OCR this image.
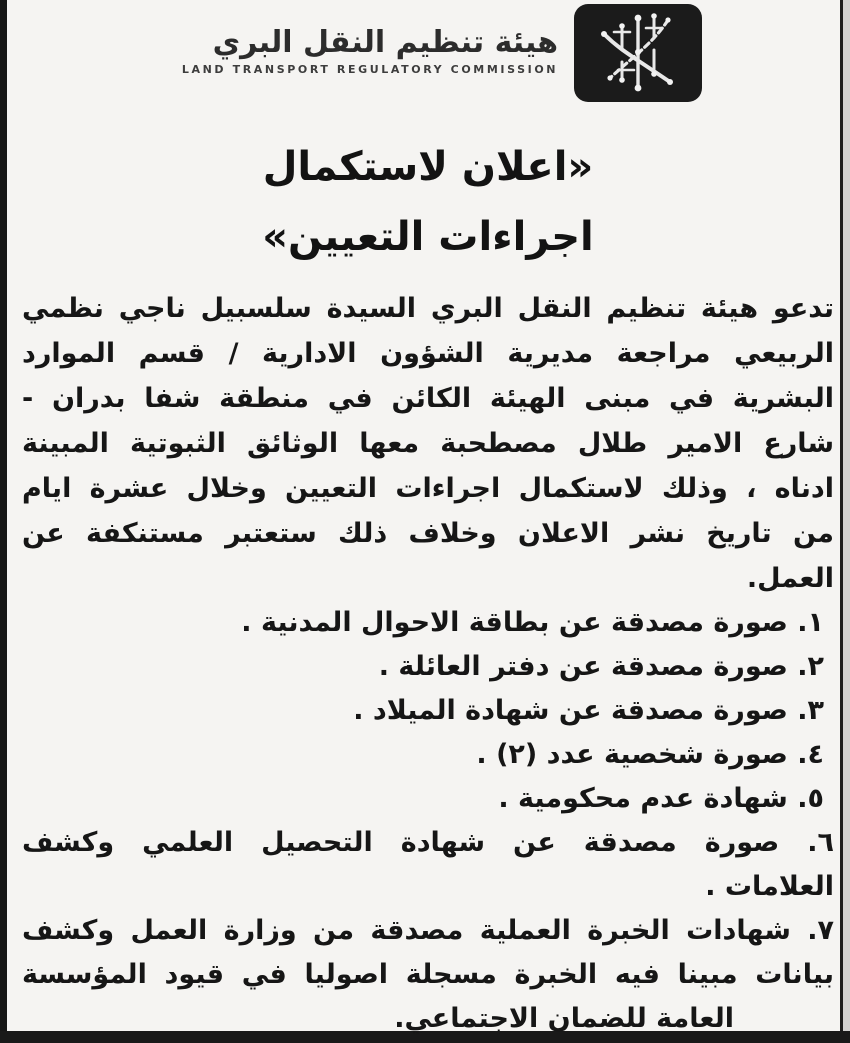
هيئة تنظيم النقل البري
LAND TRANSPORT REGULATORY COMMISSION
«اعلان لاستكمال
اجراءات التعيين»
تدعو هيئة تنظيم النقل البري السيدة سلسبيل ناجي نظمي
الربيعي مراجعة مديرية الشؤون الادارية / قسم الموارد
البشرية في مبنى الهيئة الكائن في منطقة شفا بدران -
شارع الامير طلال مصطحبة معها الوثائق الثبوتية المبينة
ادناه ، وذلك لاستكمال اجراءات التعيين وخلال عشرة ايام
من تاريخ نشر الاعلان وخلاف ذلك ستعتبر مستنكفة عن
العمل.
١. صورة مصدقة عن بطاقة الاحوال المدنية .
٢. صورة مصدقة عن دفتر العائلة .
٣. صورة مصدقة عن شهادة الميلاد .
٤. صورة شخصية عدد (٢) .
٥. شهادة عدم محكومية .
٦. صورة مصدقة عن شهادة التحصيل العلمي وكشف
العلامات .
٧. شهادات الخبرة العملية مصدقة من وزارة العمل وكشف
بيانات مبينا فيه الخبرة مسجلة اصوليا في قيود المؤسسة
العامة للضمان الاجتماعي.
